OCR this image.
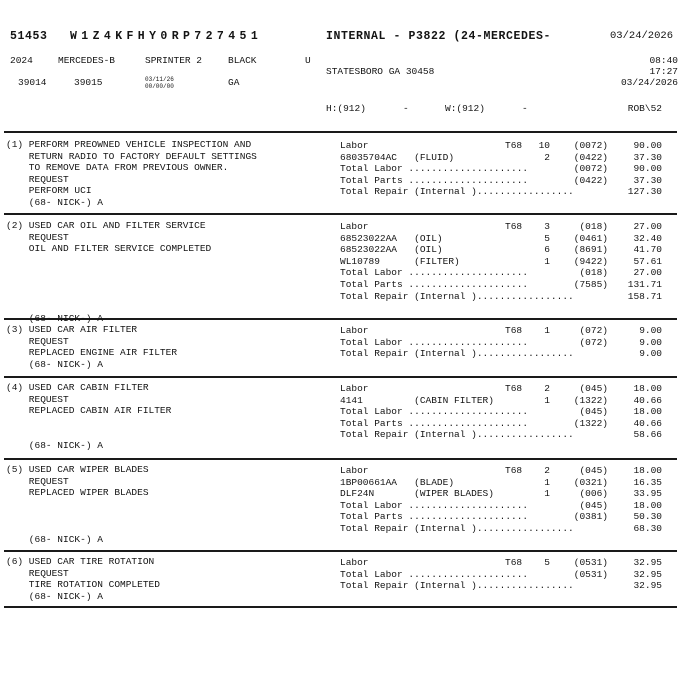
51453 W1Z4KFHY0RP727451	INTERNAL - P3822 (24-MERCEDES-	03/24/2026
2024	MERCEDES-B	SPRINTER 2	BLACK	U	08:40
STATESBORO GA 30458	17:27
03/24/2026
39014	39015	03/11/26
00/00/00	GA
H:(912)	-	W:(912)	-	ROB\52
(1) PERFORM PREOWNED VEHICLE INSPECTION AND
RETURN RADIO TO FACTORY DEFAULT SETTINGS
TO REMOVE DATA FROM PREVIOUS OWNER.
REQUEST
PERFORM UCI
(68- NICK-) A
Labor	T68	10	(0072)	90.00
68035704AC   (FLUID)	2	(0422)	37.30
Total Labor .....................	(0072)	90.00
Total Parts .....................	(0422)	37.30
Total Repair (Internal ).................	127.30
(2) USED CAR OIL AND FILTER SERVICE
REQUEST
OIL AND FILTER SERVICE COMPLETED
(68- NICK-) A
Labor	T68	3	(018)	27.00
68523022AA   (OIL)	5	(0461)	32.40
68523022AA   (OIL)	6	(8691)	41.70
WL10789      (FILTER)	1	(9422)	57.61
Total Labor .....................	(018)	27.00
Total Parts .....................	(7585)	131.71
Total Repair (Internal ).................	158.71
(3) USED CAR AIR FILTER
REQUEST
REPLACED ENGINE AIR FILTER
(68- NICK-) A
Labor	T68	1	(072)	9.00
Total Labor .....................	(072)	9.00
Total Repair (Internal ).................	9.00
(4) USED CAR CABIN FILTER
REQUEST
REPLACED CABIN AIR FILTER
(68- NICK-) A
Labor	T68	2	(045)	18.00
4141         (CABIN FILTER)	1	(1322)	40.66
Total Labor .....................	(045)	18.00
Total Parts .....................	(1322)	40.66
Total Repair (Internal ).................	58.66
(5) USED CAR WIPER BLADES
REQUEST
REPLACED WIPER BLADES
(68- NICK-) A
Labor	T68	2	(045)	18.00
1BP00661AA   (BLADE)	1	(0321)	16.35
DLF24N       (WIPER BLADES)	1	(006)	33.95
Total Labor .....................	(045)	18.00
Total Parts .....................	(0381)	50.30
Total Repair (Internal ).................	68.30
(6) USED CAR TIRE ROTATION
REQUEST
TIRE ROTATION COMPLETED
(68- NICK-) A
Labor	T68	5	(0531)	32.95
Total Labor .....................	(0531)	32.95
Total Repair (Internal ).................	32.95
